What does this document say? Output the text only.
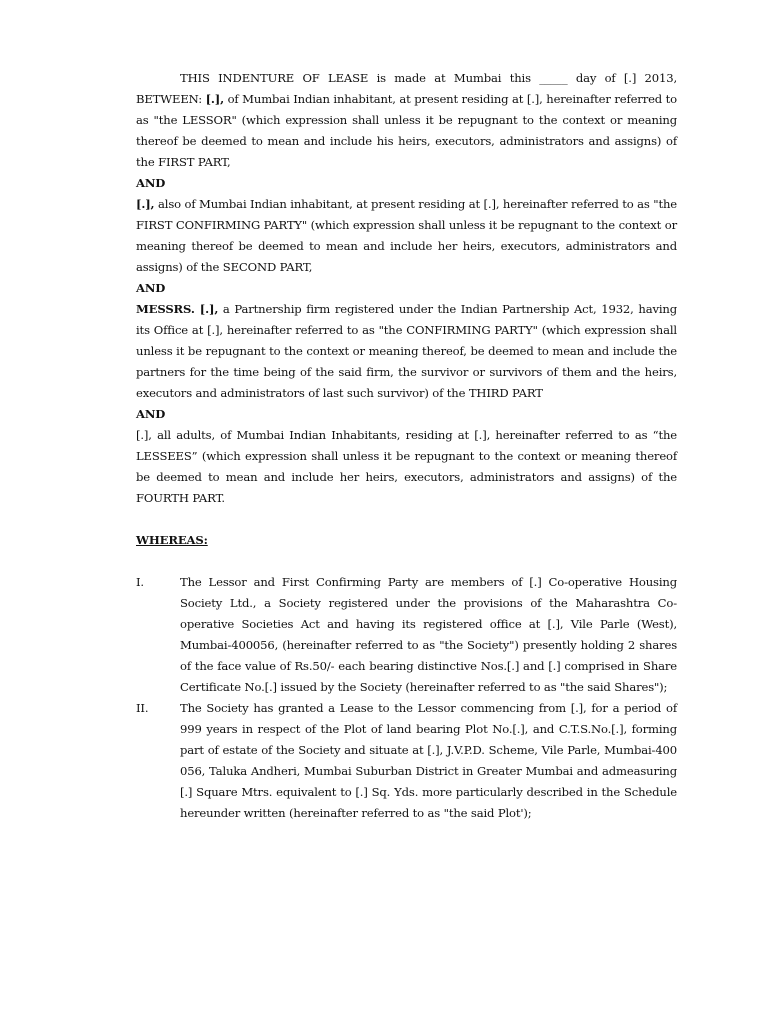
THIS INDENTURE OF LEASE is made at Mumbai this _____ day of [.] 2013, BETWEEN: [.], of Mumbai Indian inhabitant, at present residing at [.], hereinafter referred to as "the LESSOR" (which expression shall unless it be repugnant to the context or meaning thereof be deemed to mean and include his heirs, executors, administrators and assigns) of the FIRST PART,

AND

[.], also of Mumbai Indian inhabitant, at present residing at [.], hereinafter referred to as "the FIRST CONFIRMING PARTY" (which expression shall unless it be repugnant to the context or meaning thereof be deemed to mean and include her heirs, executors, administrators and assigns) of the SECOND PART,

AND

MESSRS. [.], a Partnership firm registered under the Indian Partnership Act, 1932, having its Office at [.], hereinafter referred to as "the CONFIRMING PARTY" (which expression shall unless it be repugnant to the context or meaning thereof, be deemed to mean and include the partners for the time being of the said firm, the survivor or survivors of them and the heirs, executors and administrators of last such survivor) of the THIRD PART

AND

[.], all adults, of Mumbai Indian Inhabitants, residing at [.], hereinafter referred to as “the LESSEES” (which expression shall unless it be repugnant to the context or meaning thereof be deemed to mean and include her heirs, executors, administrators and assigns) of the FOURTH PART.

WHEREAS:

I.	The Lessor and First Confirming Party are members of [.] Co-operative Housing Society Ltd., a Society registered under the provisions of the Maharashtra Co-operative Societies Act and having its registered office at [.], Vile Parle (West), Mumbai-400056, (hereinafter referred to as "the Society") presently holding 2 shares of the face value of Rs.50/- each bearing distinctive Nos.[.] and [.] comprised in Share Certificate No.[.] issued by the Society (hereinafter referred to as "the said Shares");
II.	The Society has granted a Lease to the Lessor commencing from [.], for a period of 999 years in respect of the Plot of land bearing Plot No.[.], and C.T.S.No.[.], forming part of estate of the Society and situate at [.], J.V.P.D. Scheme, Vile Parle, Mumbai-400 056, Taluka Andheri, Mumbai Suburban District in Greater Mumbai and admeasuring [.] Square Mtrs. equivalent to [.] Sq. Yds. more particularly described in the Schedule hereunder written (hereinafter referred to as "the said Plot');
